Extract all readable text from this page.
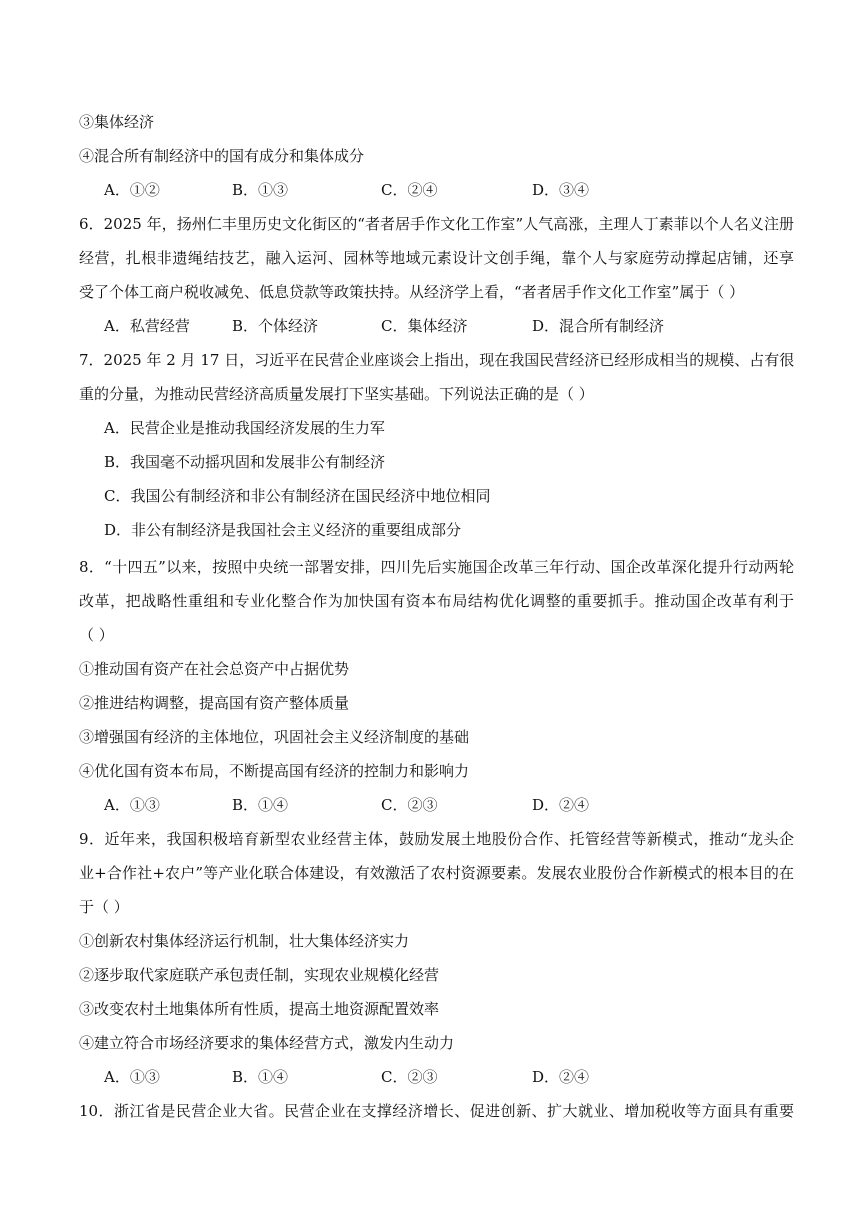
③集体经济
④混合所有制经济中的国有成分和集体成分
A．①②	B．①③	C．②④	D．③④
6．2025 年，扬州仁丰里历史文化街区的“者者居手作文化工作室”人气高涨，主理人丁素菲以个人名义注册
经营，扎根非遗绳结技艺，融入运河、园林等地域元素设计文创手绳，靠个人与家庭劳动撑起店铺，还享
受了个体工商户税收减免、低息贷款等政策扶持。从经济学上看，“者者居手作文化工作室”属于（ ）
A．私营经营	B．个体经济	C．集体经济	D．混合所有制经济
7．2025 年 2 月 17 日，习近平在民营企业座谈会上指出，现在我国民营经济已经形成相当的规模、占有很
重的分量，为推动民营经济高质量发展打下坚实基础。下列说法正确的是（ ）
A．民营企业是推动我国经济发展的生力军
B．我国毫不动摇巩固和发展非公有制经济
C．我国公有制经济和非公有制经济在国民经济中地位相同
D．非公有制经济是我国社会主义经济的重要组成部分
8．“十四五”以来，按照中央统一部署安排，四川先后实施国企改革三年行动、国企改革深化提升行动两轮
改革，把战略性重组和专业化整合作为加快国有资本布局结构优化调整的重要抓手。推动国企改革有利于
（ ）
①推动国有资产在社会总资产中占据优势
②推进结构调整，提高国有资产整体质量
③增强国有经济的主体地位，巩固社会主义经济制度的基础
④优化国有资本布局，不断提高国有经济的控制力和影响力
A．①③	B．①④	C．②③	D．②④
9．近年来，我国积极培育新型农业经营主体，鼓励发展土地股份合作、托管经营等新模式，推动“龙头企
业+合作社+农户”等产业化联合体建设，有效激活了农村资源要素。发展农业股份合作新模式的根本目的在
于（ ）
①创新农村集体经济运行机制，壮大集体经济实力
②逐步取代家庭联产承包责任制，实现农业规模化经营
③改变农村土地集体所有性质，提高土地资源配置效率
④建立符合市场经济要求的集体经营方式，激发内生动力
A．①③	B．①④	C．②③	D．②④
10．浙江省是民营企业大省。民营企业在支撑经济增长、促进创新、扩大就业、增加税收等方面具有重要
